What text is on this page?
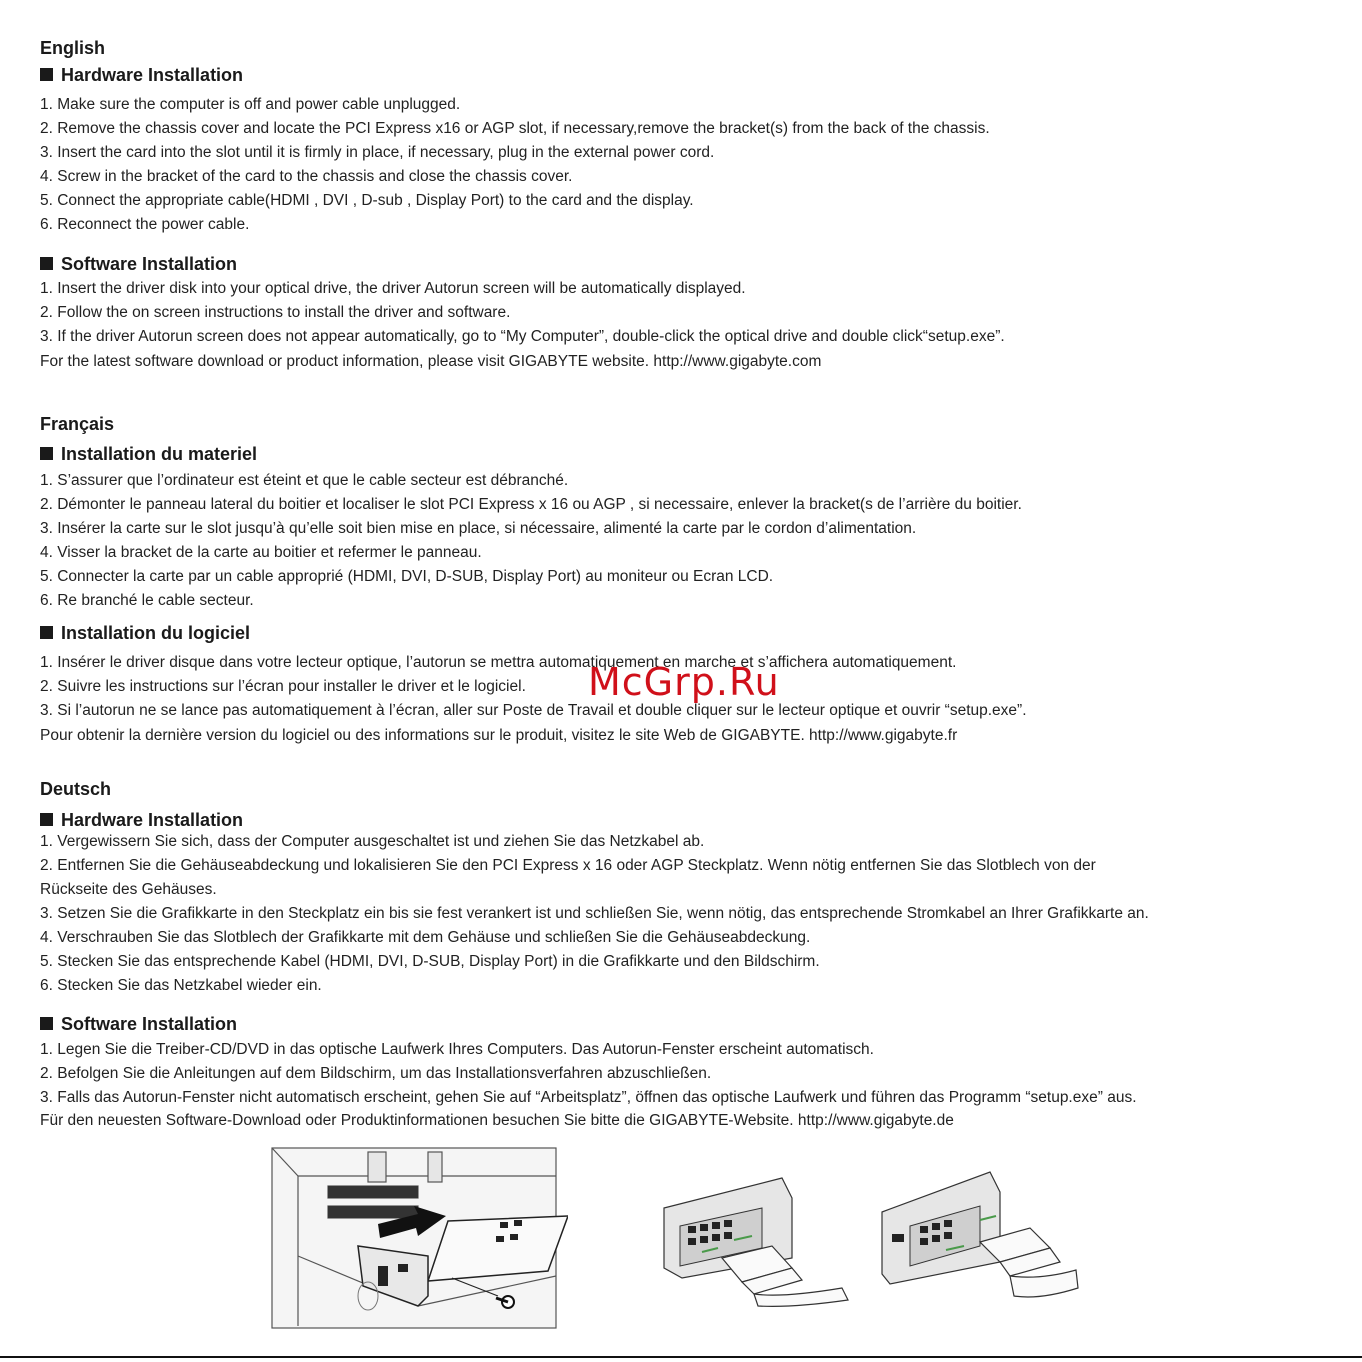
English
Hardware Installation
1. Make sure the computer is off and power cable unplugged.
2. Remove the chassis cover and locate the PCI Express x16 or AGP slot, if necessary,remove the bracket(s) from the back of the chassis.
3. Insert the card into the slot until it is firmly in place, if necessary, plug in the external power cord.
4. Screw in the bracket of the card to the chassis and close the chassis cover.
5. Connect the appropriate cable(HDMI , DVI , D-sub , Display Port) to the card and the display.
6. Reconnect the power cable.
Software Installation
1. Insert the driver disk into your optical drive, the driver Autorun screen will be automatically displayed.
2. Follow the on screen instructions to install the driver and software.
3. If the driver Autorun screen does not appear automatically, go to “My Computer”, double-click the optical drive and double click“setup.exe”.
For the latest software download or product information, please visit GIGABYTE website. http://www.gigabyte.com
Français
Installation du materiel
1. S’assurer que l’ordinateur est éteint et que le cable secteur est débranché.
2. Démonter le panneau lateral du boitier et localiser le slot PCI Express x 16 ou AGP , si necessaire, enlever la bracket(s de l’arrière du boitier.
3. Insérer la carte sur le slot jusqu’à qu’elle soit bien mise en place, si nécessaire, alimenté la carte par le cordon d’alimentation.
4. Visser la bracket de la carte au boitier et refermer le panneau.
5. Connecter la carte par un cable approprié (HDMI, DVI, D-SUB, Display Port) au moniteur ou Ecran LCD.
6. Re branché le cable secteur.
Installation du logiciel
1. Insérer le driver disque dans votre lecteur optique, l’autorun se mettra automatiquement en marche et s’affichera automatiquement.
2. Suivre les instructions sur l’écran pour installer le driver et le logiciel.
3. Si l’autorun ne se lance pas automatiquement à l’écran, aller sur Poste de Travail et double cliquer sur le lecteur optique et ouvrir “setup.exe”.
Pour obtenir la dernière version du logiciel ou des informations sur le produit, visitez le site Web de GIGABYTE. http://www.gigabyte.fr
Deutsch
Hardware Installation
1. Vergewissern Sie sich, dass der Computer ausgeschaltet ist und ziehen Sie das Netzkabel ab.
2. Entfernen Sie die Gehäuseabdeckung und lokalisieren Sie den PCI Express x 16 oder AGP Steckplatz. Wenn nötig entfernen Sie das Slotblech von der
Rückseite des Gehäuses.
3. Setzen Sie die Grafikkarte in den Steckplatz ein bis sie fest verankert ist und schließen Sie, wenn nötig, das entsprechende Stromkabel an Ihrer Grafikkarte an.
4. Verschrauben Sie das Slotblech der Grafikkarte mit dem Gehäuse und schließen Sie die Gehäuseabdeckung.
5. Stecken Sie das entsprechende Kabel (HDMI, DVI, D-SUB, Display Port) in die Grafikkarte und den Bildschirm.
6. Stecken Sie das Netzkabel wieder ein.
Software Installation
1. Legen Sie die Treiber-CD/DVD in das optische Laufwerk Ihres Computers. Das Autorun-Fenster erscheint automatisch.
2. Befolgen Sie die Anleitungen auf dem Bildschirm, um das Installationsverfahren abzuschließen.
3. Falls das Autorun-Fenster nicht automatisch erscheint, gehen Sie auf “Arbeitsplatz”, öffnen das optische Laufwerk und führen das Programm “setup.exe” aus.
Für den neuesten Software-Download oder Produktinformationen besuchen Sie bitte die GIGABYTE-Website. http://www.gigabyte.de
McGrp.Ru
